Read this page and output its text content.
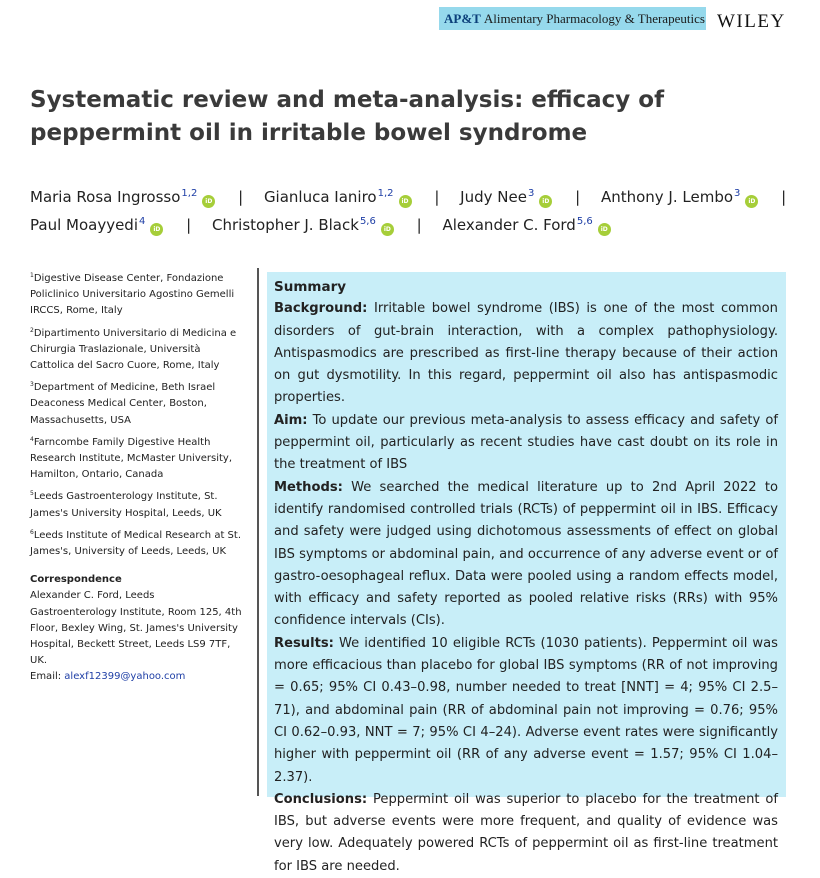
AP&T Alimentary Pharmacology & Therapeutics WILEY
Systematic review and meta-analysis: efficacy of peppermint oil in irritable bowel syndrome
Maria Rosa Ingrosso$^{1,2}$iD | Gianluca Ianiro$^{1,2}$iD | Judy Nee$^3$iD | Anthony J. Lembo$^3$iD |
Paul Moayyedi$^4$iD | Christopher J. Black$^{5,6}$iD | Alexander C. Ford$^{5,6}$iD
$^1$Digestive Disease Center, Fondazione Policlinico Universitario Agostino Gemelli IRCCS, Rome, Italy
$^2$Dipartimento Universitario di Medicina e Chirurgia Traslazionale, Università Cattolica del Sacro Cuore, Rome, Italy
$^3$Department of Medicine, Beth Israel Deaconess Medical Center, Boston, Massachusetts, USA
$^4$Farncombe Family Digestive Health Research Institute, McMaster University, Hamilton, Ontario, Canada
$^5$Leeds Gastroenterology Institute, St. James's University Hospital, Leeds, UK
$^6$Leeds Institute of Medical Research at St. James's, University of Leeds, Leeds, UK
Correspondence
Alexander C. Ford, Leeds Gastroenterology Institute, Room 125, 4th Floor, Bexley Wing, St. James's University Hospital, Beckett Street, Leeds LS9 7TF, UK.
Email: alexf12399@yahoo.com
Summary

Background: Irritable bowel syndrome (IBS) is one of the most common disorders of gut-brain interaction, with a complex pathophysiology. Antispasmodics are prescribed as first-line therapy because of their action on gut dysmotility. In this regard, peppermint oil also has antispasmodic properties.

Aim: To update our previous meta-analysis to assess efficacy and safety of peppermint oil, particularly as recent studies have cast doubt on its role in the treatment of IBS

Methods: We searched the medical literature up to 2nd April 2022 to identify randomised controlled trials (RCTs) of peppermint oil in IBS. Efficacy and safety were judged using dichotomous assessments of effect on global IBS symptoms or abdominal pain, and occurrence of any adverse event or of gastro-oesophageal reflux. Data were pooled using a random effects model, with efficacy and safety reported as pooled relative risks (RRs) with 95% confidence intervals (CIs).

Results: We identified 10 eligible RCTs (1030 patients). Peppermint oil was more efficacious than placebo for global IBS symptoms (RR of not improving = 0.65; 95% CI 0.43–0.98, number needed to treat [NNT] = 4; 95% CI 2.5–71), and abdominal pain (RR of abdominal pain not improving = 0.76; 95% CI 0.62–0.93, NNT = 7; 95% CI 4–24). Adverse event rates were significantly higher with peppermint oil (RR of any adverse event = 1.57; 95% CI 1.04–2.37).

Conclusions: Peppermint oil was superior to placebo for the treatment of IBS, but adverse events were more frequent, and quality of evidence was very low. Adequately powered RCTs of peppermint oil as first-line treatment for IBS are needed.
